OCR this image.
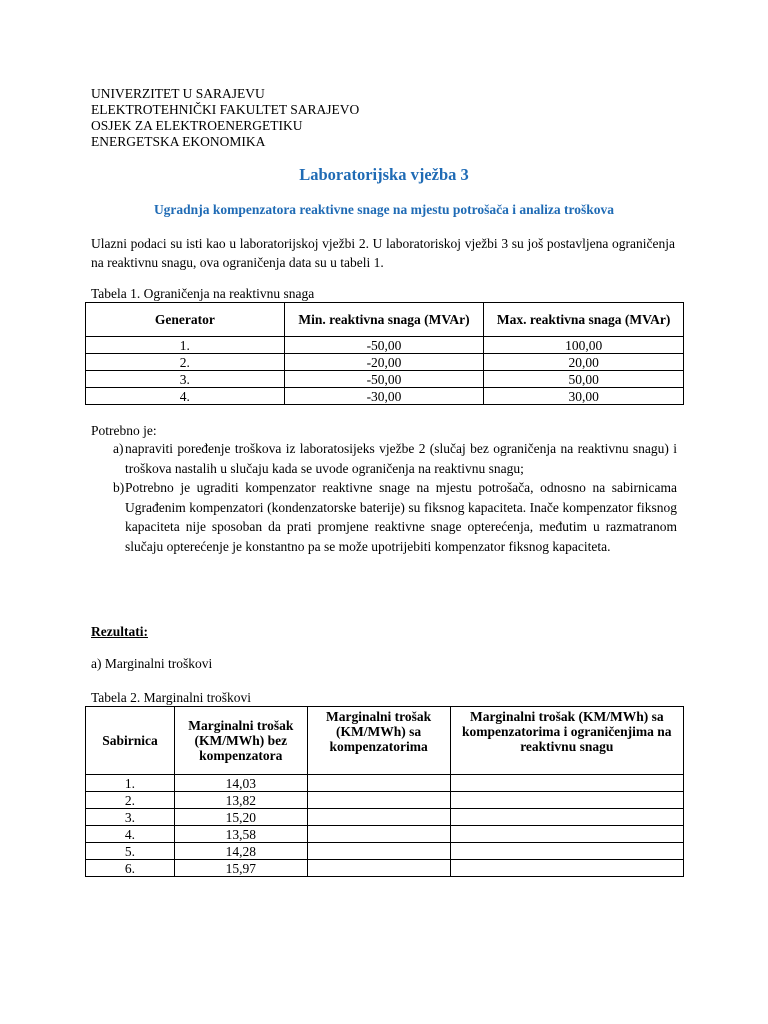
UNIVERZITET U SARAJEVU
ELEKTROTEHNIČKI FAKULTET SARAJEVO
OSJEK ZA ELEKTROENERGETIKU
ENERGETSKA EKONOMIKA
Laboratorijska vježba 3
Ugradnja kompenzatora reaktivne snage na mjestu potrošača i analiza troškova
Ulazni podaci su isti kao u laboratorijskoj vježbi 2. U laboratoriskoj vježbi 3 su još postavljena ograničenja na reaktivnu snagu, ova ograničenja data su u tabeli 1.
Tabela 1. Ograničenja na reaktivnu snaga
Generator	Min. reaktivna snaga (MVAr)	Max. reaktivna snaga (MVAr)
1.	-50,00	100,00
2.	-20,00	20,00
3.	-50,00	50,00
4.	-30,00	30,00
Potrebno je:
a) napraviti poređenje troškova iz laboratosijeks vježbe 2 (slučaj bez ograničenja na reaktivnu snagu) i troškova nastalih u slučaju kada se uvode ograničenja na reaktivnu snagu;
b) Potrebno je ugraditi kompenzator reaktivne snage na mjestu potrošača, odnosno na sabirnicama Ugrađenim kompenzatori (kondenzatorske baterije) su fiksnog kapaciteta. Inače kompenzator fiksnog kapaciteta nije sposoban da prati promjene reaktivne snage opterećenja, međutim u razmatranom slučaju opterećenje je konstantno pa se može upotrijebiti kompenzator fiksnog kapaciteta.
Rezultati:
a) Marginalni troškovi
Tabela 2. Marginalni troškovi
Sabirnica	Marginalni trošak (KM/MWh) bez kompenzatora	Marginalni trošak (KM/MWh) sa kompenzatorima	Marginalni trošak (KM/MWh) sa kompenzatorima i ograničenjima na reaktivnu snagu
1.	14,03		
2.	13,82		
3.	15,20		
4.	13,58		
5.	14,28		
6.	15,97		
